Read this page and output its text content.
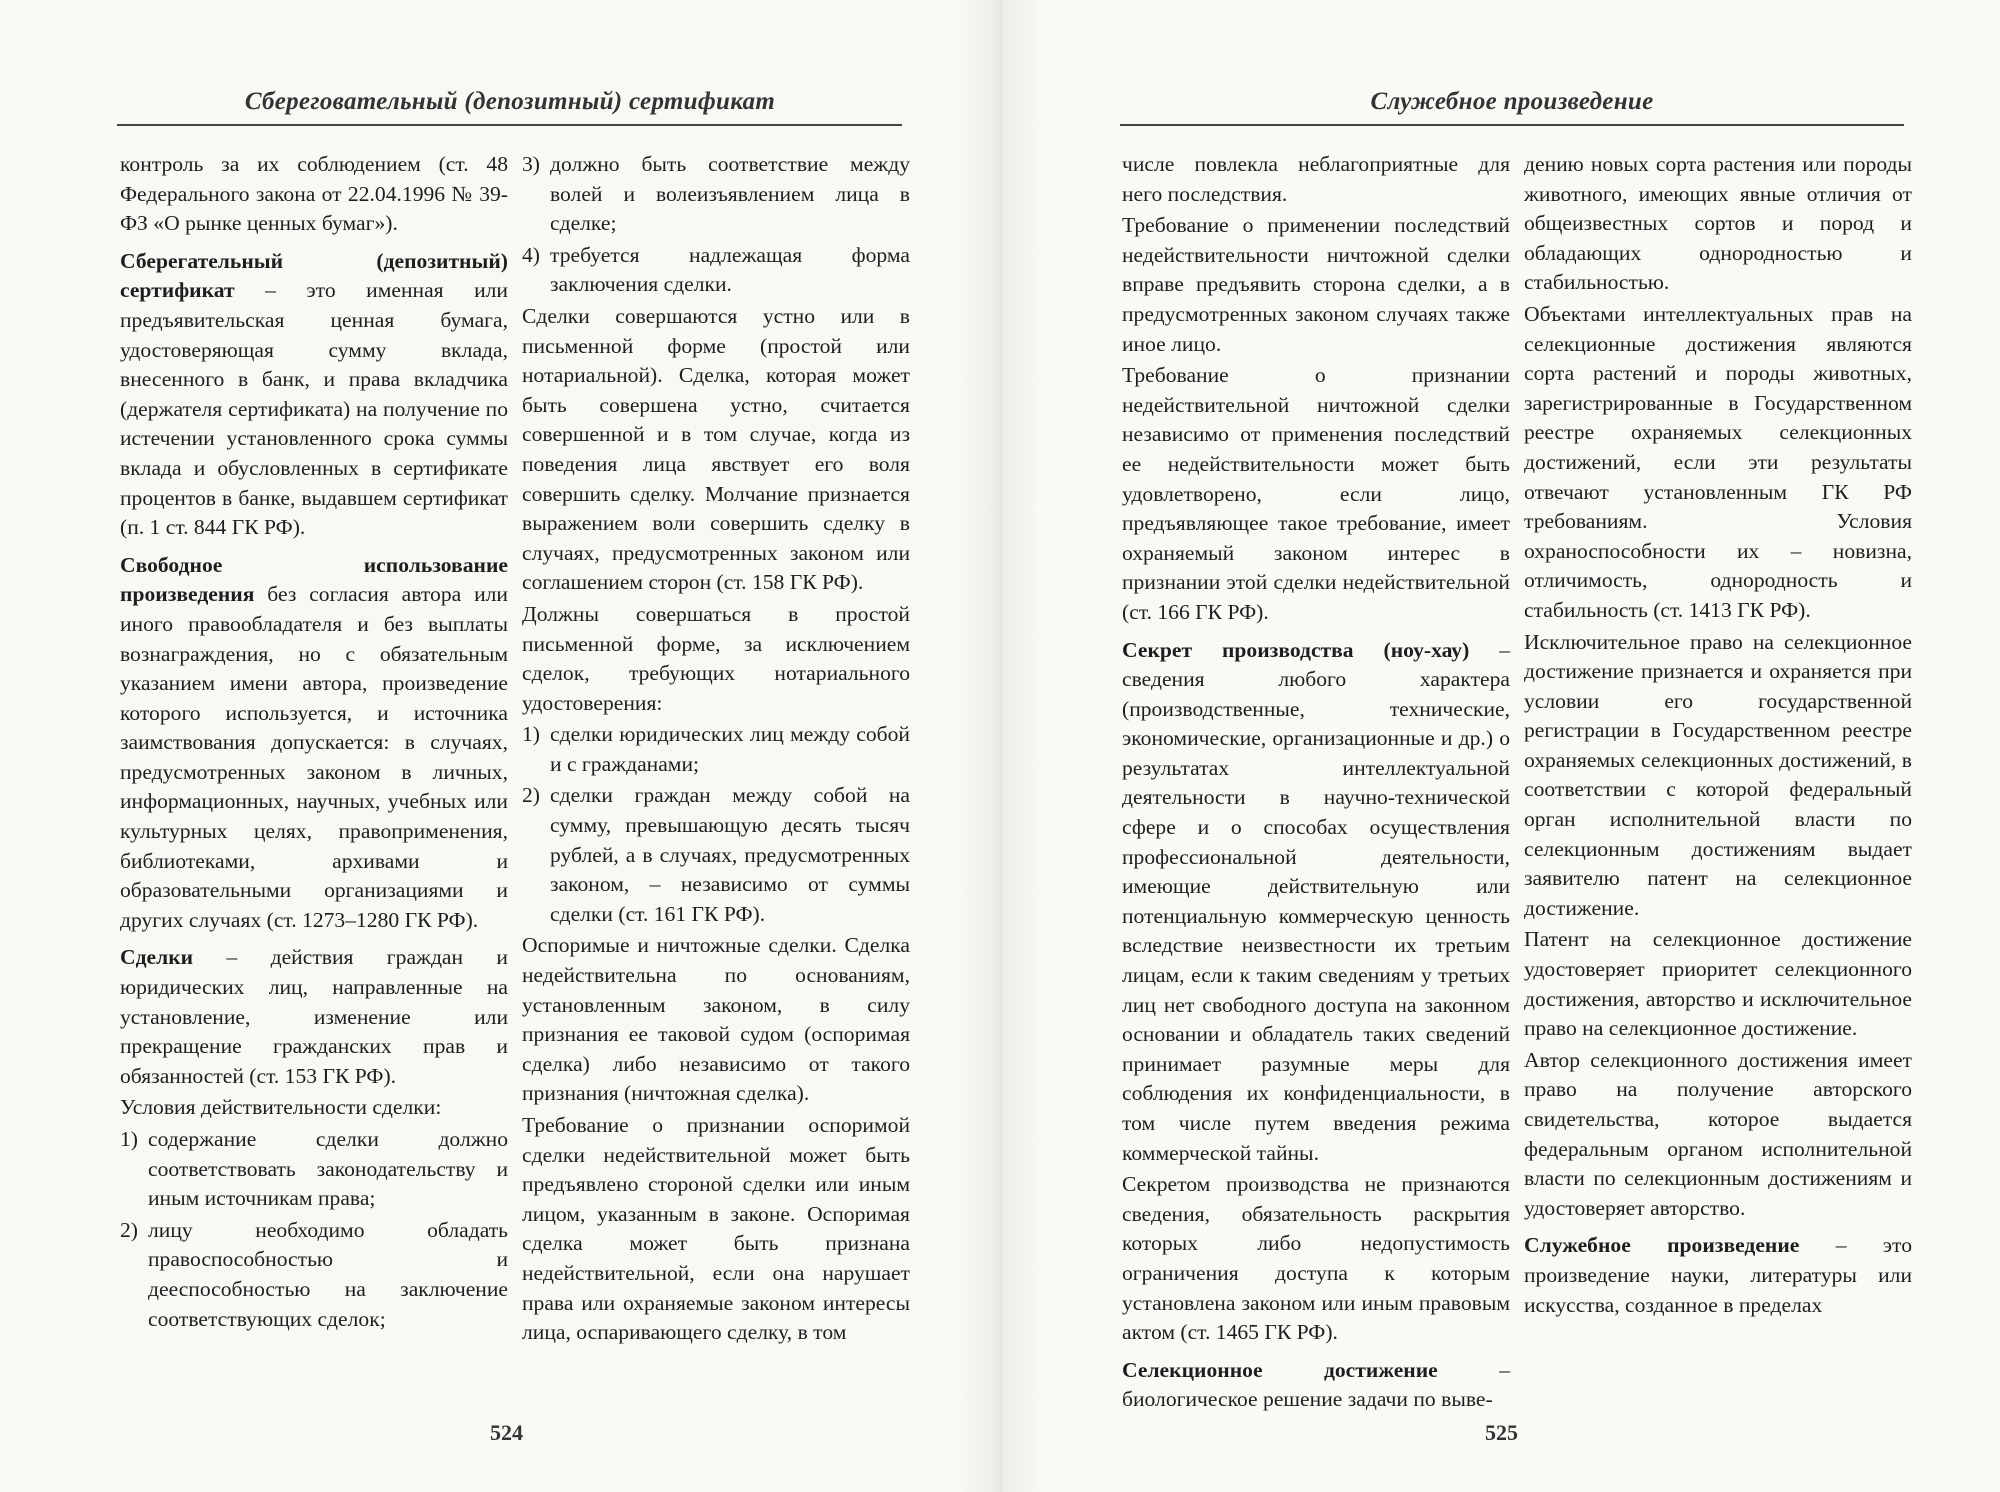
Сбереговательный (депозитный) сертификат

контроль за их соблюдением (ст. 48 Федерального закона от 22.04.1996 № 39-ФЗ «О рынке ценных бумаг»).

Сберегательный (депозитный) сертификат – это именная или предъявительская ценная бумага, удостоверяющая сумму вклада, внесенного в банк, и права вкладчика (держателя сертификата) на получение по истечении установленного срока суммы вклада и обусловленных в сертификате процентов в банке, выдавшем сертификат (п. 1 ст. 844 ГК РФ).

Свободное использование произведения без согласия автора или иного правообладателя и без выплаты вознаграждения, но с обязательным указанием имени автора, произведение которого используется, и источника заимствования допускается: в случаях, предусмотренных законом в личных, информационных, научных, учебных или культурных целях, правоприменения, библиотеками, архивами и образовательными организациями и других случаях (ст. 1273–1280 ГК РФ).

Сделки – действия граждан и юридических лиц, направленные на установление, изменение или прекращение гражданских прав и обязанностей (ст. 153 ГК РФ).

Условия действительности сделки:

1) содержание сделки должно соответствовать законодательству и иным источникам права;
2) лицу необходимо обладать правоспособностью и дееспособностью на заключение соответствующих сделок;
3) должно быть соответствие между волей и волеизъявлением лица в сделке;
4) требуется надлежащая форма заключения сделки.

Сделки совершаются устно или в письменной форме (простой или нотариальной). Сделка, которая может быть совершена устно, считается совершенной и в том случае, когда из поведения лица явствует его воля совершить сделку. Молчание признается выражением воли совершить сделку в случаях, предусмотренных законом или соглашением сторон (ст. 158 ГК РФ).

Должны совершаться в простой письменной форме, за исключением сделок, требующих нотариального удостоверения:

1) сделки юридических лиц между собой и с гражданами;
2) сделки граждан между собой на сумму, превышающую десять тысяч рублей, а в случаях, предусмотренных законом, – независимо от суммы сделки (ст. 161 ГК РФ).

Оспоримые и ничтожные сделки. Сделка недействительна по основаниям, установленным законом, в силу признания ее таковой судом (оспоримая сделка) либо независимо от такого признания (ничтожная сделка).

Требование о признании оспоримой сделки недействительной может быть предъявлено стороной сделки или иным лицом, указанным в законе. Оспоримая сделка может быть признана недействительной, если она нарушает права или охраняемые законом интересы лица, оспаривающего сделку, в том

524
Служебное произведение

числе повлекла неблагоприятные для него последствия.

Требование о применении последствий недействительности ничтожной сделки вправе предъявить сторона сделки, а в предусмотренных законом случаях также иное лицо.

Требование о признании недействительной ничтожной сделки независимо от применения последствий ее недействительности может быть удовлетворено, если лицо, предъявляющее такое требование, имеет охраняемый законом интерес в признании этой сделки недействительной (ст. 166 ГК РФ).

Секрет производства (ноу-хау) – сведения любого характера (производственные, технические, экономические, организационные и др.) о результатах интеллектуальной деятельности в научно-технической сфере и о способах осуществления профессиональной деятельности, имеющие действительную или потенциальную коммерческую ценность вследствие неизвестности их третьим лицам, если к таким сведениям у третьих лиц нет свободного доступа на законном основании и обладатель таких сведений принимает разумные меры для соблюдения их конфиденциальности, в том числе путем введения режима коммерческой тайны.

Секретом производства не признаются сведения, обязательность раскрытия которых либо недопустимость ограничения доступа к которым установлена законом или иным правовым актом (ст. 1465 ГК РФ).

Селекционное достижение – биологическое решение задачи по выве-

дению новых сорта растения или породы животного, имеющих явные отличия от общеизвестных сортов и пород и обладающих однородностью и стабильностью.

Объектами интеллектуальных прав на селекционные достижения являются сорта растений и породы животных, зарегистрированные в Государственном реестре охраняемых селекционных достижений, если эти результаты отвечают установленным ГК РФ требованиям. Условия охраноспособности их – новизна, отличимость, однородность и стабильность (ст. 1413 ГК РФ).

Исключительное право на селекционное достижение признается и охраняется при условии его государственной регистрации в Государственном реестре охраняемых селекционных достижений, в соответствии с которой федеральный орган исполнительной власти по селекционным достижениям выдает заявителю патент на селекционное достижение.

Патент на селекционное достижение удостоверяет приоритет селекционного достижения, авторство и исключительное право на селекционное достижение.

Автор селекционного достижения имеет право на получение авторского свидетельства, которое выдается федеральным органом исполнительной власти по селекционным достижениям и удостоверяет авторство.

Служебное произведение – это произведение науки, литературы или искусства, созданное в пределах

525
